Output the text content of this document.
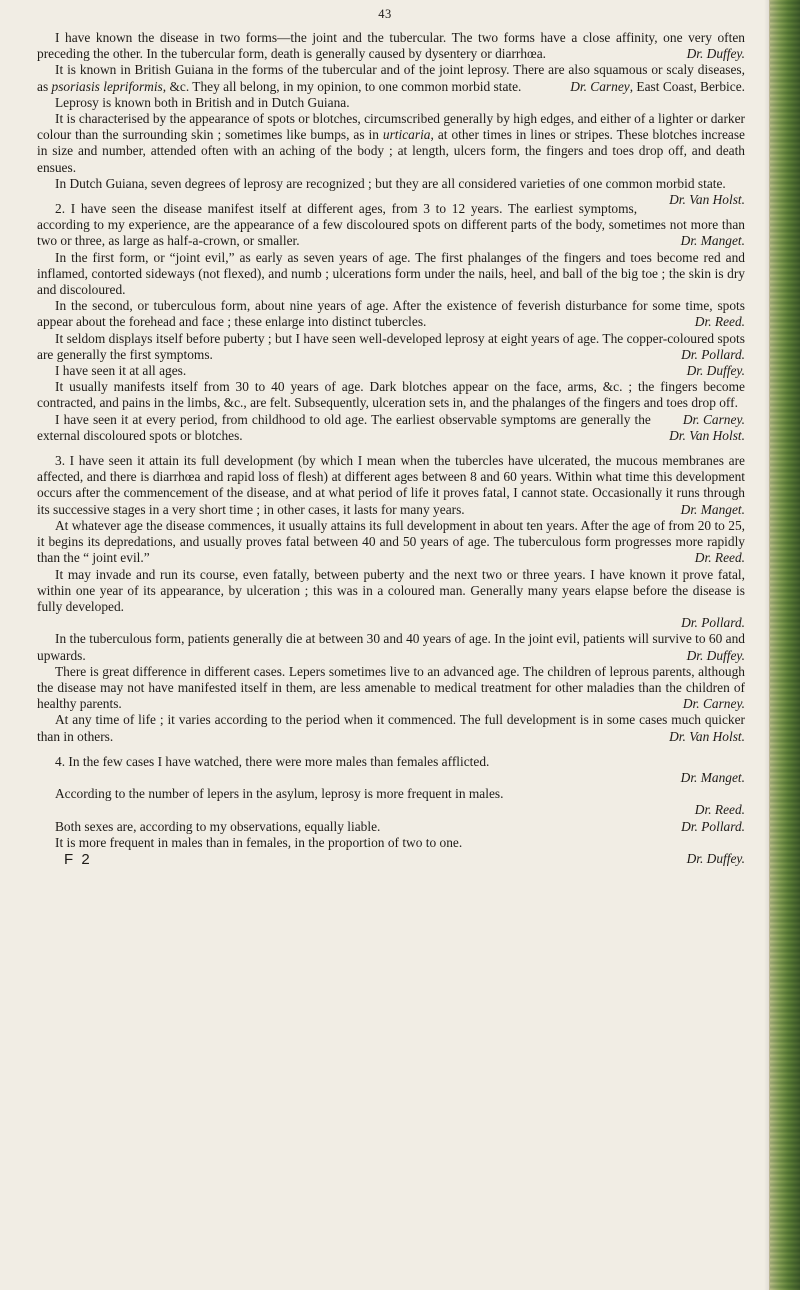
43

I have known the disease in two forms—the joint and the tubercular. The two forms have a close affinity, one very often preceding the other. In the tubercular form, death is generally caused by dysentery or diarrhœa.	Dr. Duffey.

It is known in British Guiana in the forms of the tubercular and of the joint leprosy. There are also squamous or scaly diseases, as psoriasis lepriformis, &c. They all belong, in my opinion, to one common morbid state.	Dr. Carney, East Coast, Berbice.

Leprosy is known both in British and in Dutch Guiana.

It is characterised by the appearance of spots or blotches, circumscribed generally by high edges, and either of a lighter or darker colour than the surrounding skin ; sometimes like bumps, as in urticaria, at other times in lines or stripes. These blotches increase in size and number, attended often with an aching of the body ; at length, ulcers form, the fingers and toes drop off, and death ensues.

In Dutch Guiana, seven degrees of leprosy are recognized ; but they are all considered varieties of one common morbid state.
Dr. Van Holst.

2. I have seen the disease manifest itself at different ages, from 3 to 12 years. The earliest symptoms, according to my experience, are the appearance of a few discoloured spots on different parts of the body, sometimes not more than two or three, as large as half-a-crown, or smaller.	Dr. Manget.

In the first form, or “joint evil,” as early as seven years of age. The first phalanges of the fingers and toes become red and inflamed, contorted sideways (not flexed), and numb ; ulcerations form under the nails, heel, and ball of the big toe ; the skin is dry and discoloured.

In the second, or tuberculous form, about nine years of age. After the existence of feverish disturbance for some time, spots appear about the forehead and face ; these enlarge into distinct tubercles.	Dr. Reed.

It seldom displays itself before puberty ; but I have seen well-developed leprosy at eight years of age. The copper-coloured spots are generally the first symptoms.	Dr. Pollard.

I have seen it at all ages.	Dr. Duffey.

It usually manifests itself from 30 to 40 years of age. Dark blotches appear on the face, arms, &c. ; the fingers become contracted, and pains in the limbs, &c., are felt. Subsequently, ulceration sets in, and the phalanges of the fingers and toes drop off.
Dr. Carney.

I have seen it at every period, from childhood to old age. The earliest observable symptoms are generally the external discoloured spots or blotches.	Dr. Van Holst.

3. I have seen it attain its full development (by which I mean when the tubercles have ulcerated, the mucous membranes are affected, and there is diarrhœa and rapid loss of flesh) at different ages between 8 and 60 years. Within what time this development occurs after the commencement of the disease, and at what period of life it proves fatal, I cannot state. Occasionally it runs through its successive stages in a very short time ; in other cases, it lasts for many years.	Dr. Manget.

At whatever age the disease commences, it usually attains its full development in about ten years. After the age of from 20 to 25, it begins its depredations, and usually proves fatal between 40 and 50 years of age. The tuberculous form progresses more rapidly than the “ joint evil.”	Dr. Reed.

It may invade and run its course, even fatally, between puberty and the next two or three years. I have known it prove fatal, within one year of its appearance, by ulceration ; this was in a coloured man. Generally many years elapse before the disease is fully developed.

Dr. Pollard.

In the tuberculous form, patients generally die at between 30 and 40 years of age. In the joint evil, patients will survive to 60 and upwards.	Dr. Duffey.

There is great difference in different cases. Lepers sometimes live to an advanced age. The children of leprous parents, although the disease may not have manifested itself in them, are less amenable to medical treatment for other maladies than the children of healthy parents.	Dr. Carney.

At any time of life ; it varies according to the period when it commenced. The full development is in some cases much quicker than in others.	Dr. Van Holst.

4. In the few cases I have watched, there were more males than females afflicted.

Dr. Manget.

According to the number of lepers in the asylum, leprosy is more frequent in males.

Dr. Reed.

Both sexes are, according to my observations, equally liable.	Dr. Pollard.

It is more frequent in males than in females, in the proportion of two to one.

F 2	Dr. Duffey.
